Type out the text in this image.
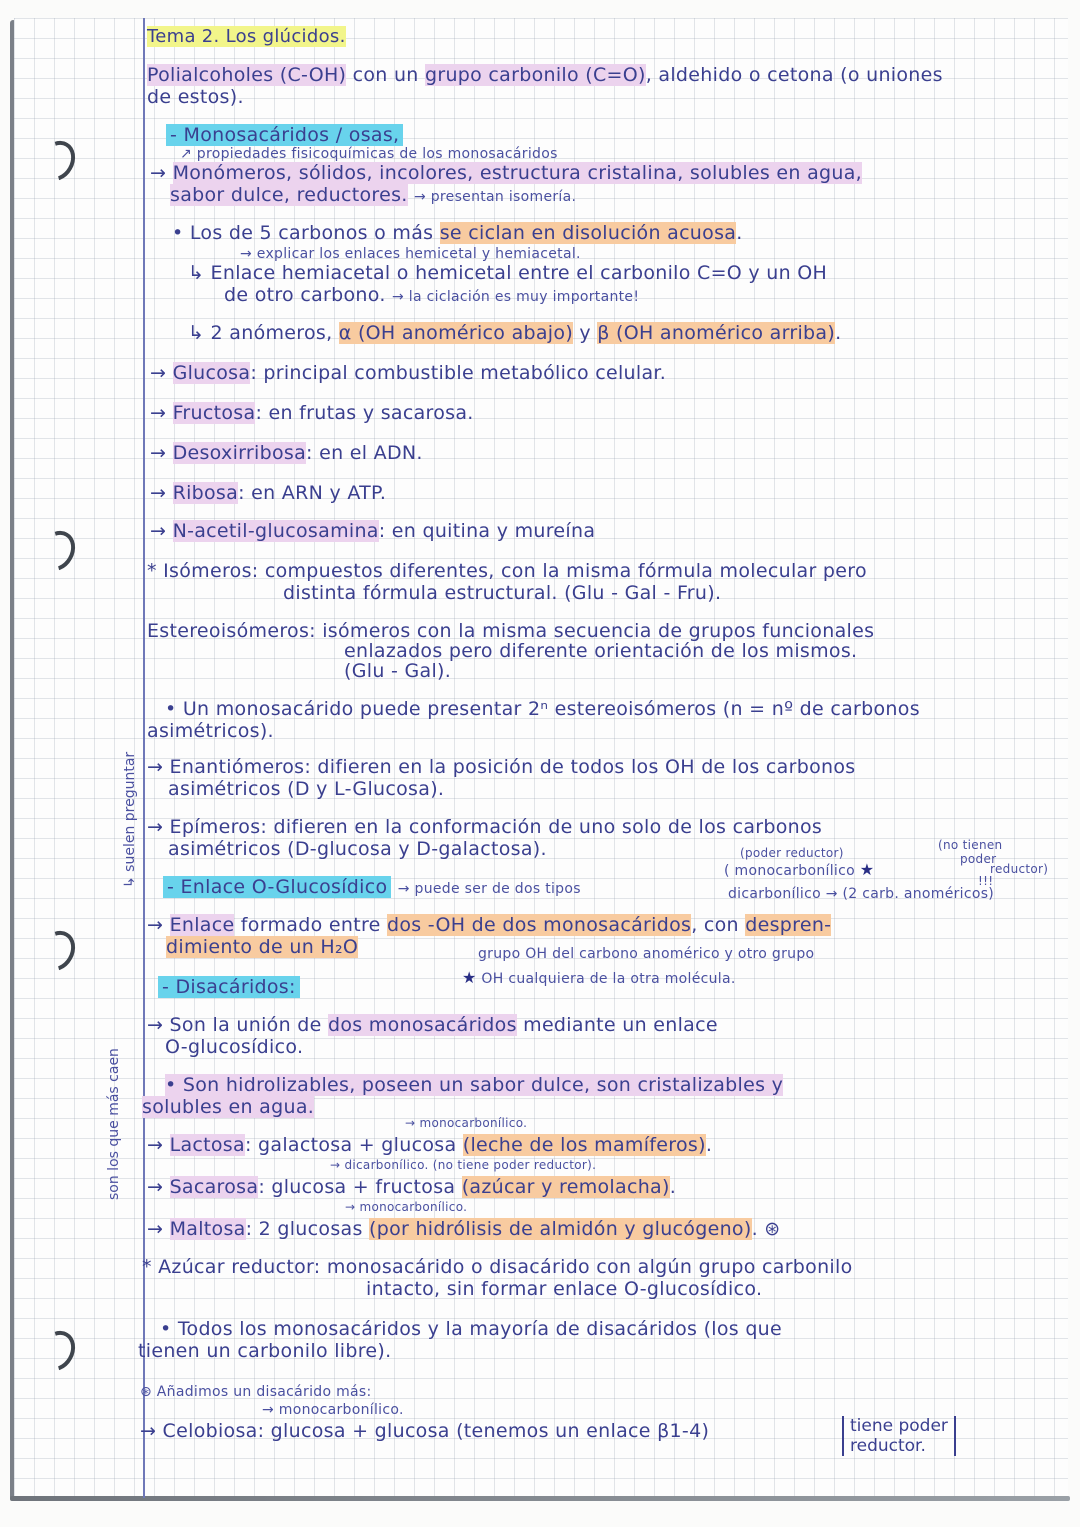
Tema 2. Los glúcidos.
Polialcoholes (C-OH) con un grupo carbonilo (C=O), aldehido o cetona (o uniones
de estos).
- Monosacáridos / osas,
↗ propiedades fisicoquímicas de los monosacáridos
→ Monómeros, sólidos, incolores, estructura cristalina, solubles en agua,
sabor dulce, reductores. → presentan isomería.
• Los de 5 carbonos o más se ciclan en disolución acuosa.
→ explicar los enlaces hemicetal y hemiacetal.
↳ Enlace hemiacetal o hemicetal entre el carbonilo C=O y un OH
de otro carbono. → la ciclación es muy importante!
↳ 2 anómeros, α (OH anomérico abajo) y β (OH anomérico arriba).
→ Glucosa: principal combustible metabólico celular.
→ Fructosa: en frutas y sacarosa.
→ Desoxirribosa: en el ADN.
→ Ribosa: en ARN y ATP.
→ N-acetil-glucosamina: en quitina y mureína
* Isómeros: compuestos diferentes, con la misma fórmula molecular pero
distinta fórmula estructural. (Glu - Gal - Fru).
Estereoisómeros: isómeros con la misma secuencia de grupos funcionales
enlazados pero diferente orientación de los mismos.
(Glu - Gal).
• Un monosacárido puede presentar 2ⁿ estereoisómeros (n = nº de carbonos
asimétricos).
→ Enantiómeros: difieren en la posición de todos los OH de los carbonos
asimétricos (D y L-Glucosa).
→ Epímeros: difieren en la conformación de uno solo de los carbonos
asimétricos (D-glucosa y D-galactosa).
↳ suelen preguntar
son los que más caen
- Enlace O-Glucosídico → puede ser de dos tipos
(poder reductor)
( monocarbonílico ★
dicarbonílico → (2 carb. anoméricos)
(no tienen
poder
reductor)
!!!
→ Enlace formado entre dos -OH de dos monosacáridos, con despren-
dimiento de un H₂O	grupo OH del carbono anomérico y otro grupo
★ OH cualquiera de la otra molécula.
- Disacáridos:
→ Son la unión de dos monosacáridos mediante un enlace
O-glucosídico.
• Son hidrolizables, poseen un sabor dulce, son cristalizables y
solubles en agua.
→ monocarbonílico.
→ Lactosa: galactosa + glucosa (leche de los mamíferos).
→ dicarbonílico. (no tiene poder reductor).
→ Sacarosa: glucosa + fructosa (azúcar y remolacha).
→ monocarbonílico.
→ Maltosa: 2 glucosas (por hidrólisis de almidón y glucógeno). ⊛
* Azúcar reductor: monosacárido o disacárido con algún grupo carbonilo
intacto, sin formar enlace O-glucosídico.
• Todos los monosacáridos y la mayoría de disacáridos (los que
tienen un carbonilo libre).
⊛ Añadimos un disacárido más:
→ monocarbonílico.
→ Celobiosa: glucosa + glucosa (tenemos un enlace β1-4)	tiene poder
reductor.
